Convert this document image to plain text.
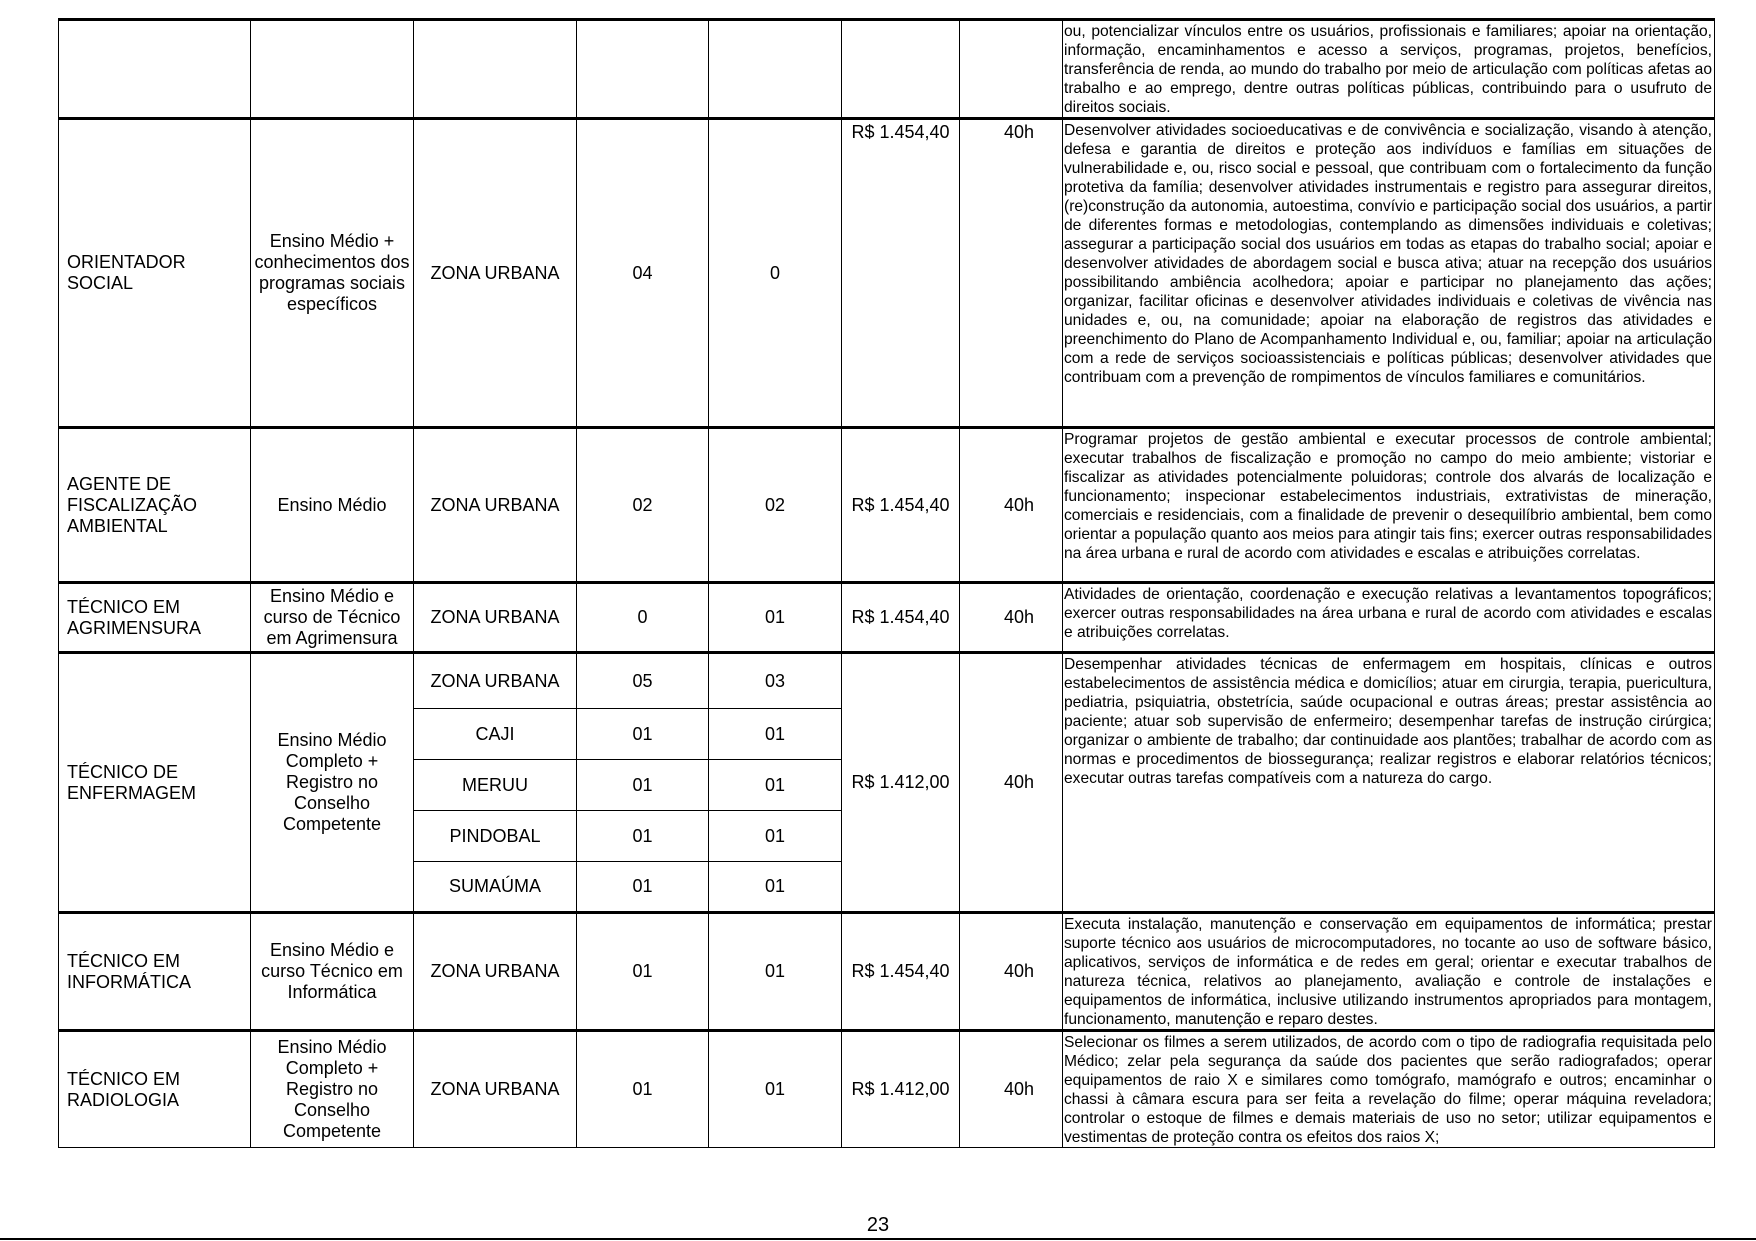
							ou, potencializar vínculos entre os usuários, profissionais e familiares; apoiar na orientação, informação, encaminhamentos e acesso a serviços, programas, projetos, benefícios, transferência de renda, ao mundo do trabalho por meio de articulação com políticas afetas ao trabalho e ao emprego, dentre outras políticas públicas, contribuindo para o usufruto de direitos sociais.
ORIENTADOR SOCIAL	Ensino Médio + conhecimentos dos programas sociais específicos	ZONA URBANA	04	0	R$ 1.454,40	40h	Desenvolver atividades socioeducativas e de convivência e socialização, visando à atenção, defesa e garantia de direitos e proteção aos indivíduos e famílias em situações de vulnerabilidade e, ou, risco social e pessoal, que contribuam com o fortalecimento da função protetiva da família; desenvolver atividades instrumentais e registro para assegurar direitos, (re)construção da autonomia, autoestima, convívio e participação social dos usuários, a partir de diferentes formas e metodologias, contemplando as dimensões individuais e coletivas; assegurar a participação social dos usuários em todas as etapas do trabalho social; apoiar e desenvolver atividades de abordagem social e busca ativa; atuar na recepção dos usuários possibilitando ambiência acolhedora; apoiar e participar no planejamento das ações; organizar, facilitar oficinas e desenvolver atividades individuais e coletivas de vivência nas unidades e, ou, na comunidade; apoiar na elaboração de registros das atividades e preenchimento do Plano de Acompanhamento Individual e, ou, familiar; apoiar na articulação com a rede de serviços socioassistenciais e políticas públicas; desenvolver atividades que contribuam com a prevenção de rompimentos de vínculos familiares e comunitários.
AGENTE DE FISCALIZAÇÃO AMBIENTAL	Ensino Médio	ZONA URBANA	02	02	R$ 1.454,40	40h	Programar projetos de gestão ambiental e executar processos de controle ambiental; executar trabalhos de fiscalização e promoção no campo do meio ambiente; vistoriar e fiscalizar as atividades potencialmente poluidoras; controle dos alvarás de localização e funcionamento; inspecionar estabelecimentos industriais, extrativistas de mineração, comerciais e residenciais, com a finalidade de prevenir o desequilíbrio ambiental, bem como orientar a população quanto aos meios para atingir tais fins; exercer outras responsabilidades na área urbana e rural de acordo com atividades e escalas e atribuições correlatas.
TÉCNICO EM AGRIMENSURA	Ensino Médio e curso de Técnico em Agrimensura	ZONA URBANA	0	01	R$ 1.454,40	40h	Atividades de orientação, coordenação e execução relativas a levantamentos topográficos; exercer outras responsabilidades na área urbana e rural de acordo com atividades e escalas e atribuições correlatas.
TÉCNICO DE ENFERMAGEM	Ensino Médio Completo + Registro no Conselho Competente	ZONA URBANA	05	03	R$ 1.412,00	40h	Desempenhar atividades técnicas de enfermagem em hospitais, clínicas e outros estabelecimentos de assistência médica e domicílios; atuar em cirurgia, terapia, puericultura, pediatria, psiquiatria, obstetrícia, saúde ocupacional e outras áreas; prestar assistência ao paciente; atuar sob supervisão de enfermeiro; desempenhar tarefas de instrução cirúrgica; organizar o ambiente de trabalho; dar continuidade aos plantões; trabalhar de acordo com as normas e procedimentos de biossegurança; realizar registros e elaborar relatórios técnicos; executar outras tarefas compatíveis com a natureza do cargo.
		CAJI	01	01			
		MERUU	01	01			
		PINDOBAL	01	01			
		SUMAÚMA	01	01			
TÉCNICO EM INFORMÁTICA	Ensino Médio e curso Técnico em Informática	ZONA URBANA	01	01	R$ 1.454,40	40h	Executa instalação, manutenção e conservação em equipamentos de informática; prestar suporte técnico aos usuários de microcomputadores, no tocante ao uso de software básico, aplicativos, serviços de informática e de redes em geral; orientar e executar trabalhos de natureza técnica, relativos ao planejamento, avaliação e controle de instalações e equipamentos de informática, inclusive utilizando instrumentos apropriados para montagem, funcionamento, manutenção e reparo destes.
TÉCNICO EM RADIOLOGIA	Ensino Médio Completo + Registro no Conselho Competente	ZONA URBANA	01	01	R$ 1.412,00	40h	Selecionar os filmes a serem utilizados, de acordo com o tipo de radiografia requisitada pelo Médico; zelar pela segurança da saúde dos pacientes que serão radiografados; operar equipamentos de raio X e similares como tomógrafo, mamógrafo e outros; encaminhar o chassi à câmara escura para ser feita a revelação do filme; operar máquina reveladora; controlar o estoque de filmes e demais materiais de uso no setor; utilizar equipamentos e vestimentas de proteção contra os efeitos dos raios X;
23
